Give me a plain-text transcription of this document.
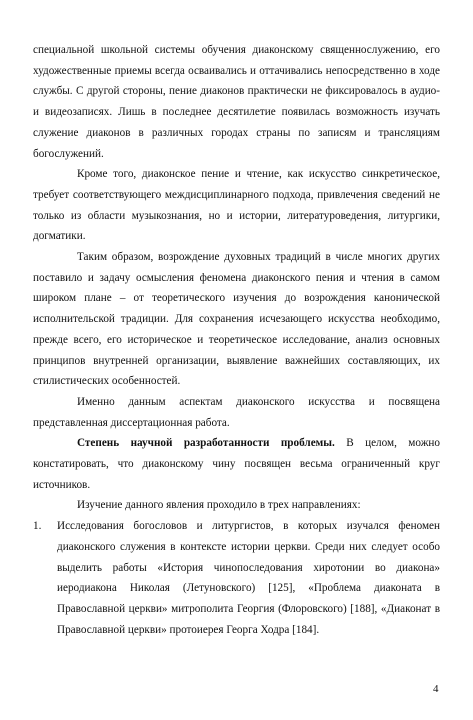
специальной школьной системы обучения диаконскому священнослужению, его художественные приемы всегда осваивались и оттачивались непосредственно в ходе службы. С другой стороны, пение диаконов практически не фиксировалось в аудио- и видеозаписях. Лишь в последнее десятилетие появилась возможность изучать служение диаконов в различных городах страны по записям и трансляциям богослужений.

Кроме того, диаконское пение и чтение, как искусство синкретическое, требует соответствующего междисциплинарного подхода, привлечения сведений не только из области музыкознания, но и истории, литературоведения, литургики, догматики.

Таким образом, возрождение духовных традиций в числе многих других поставило и задачу осмысления феномена диаконского пения и чтения в самом широком плане – от теоретического изучения до возрождения канонической исполнительской традиции. Для сохранения исчезающего искусства необходимо, прежде всего, его историческое и теоретическое исследование, анализ основных принципов внутренней организации, выявление важнейших составляющих, их стилистических особенностей.

Именно данным аспектам диаконского искусства и посвящена представленная диссертационная работа.

Степень научной разработанности проблемы. В целом, можно констатировать, что диаконскому чину посвящен весьма ограниченный круг источников.

Изучение данного явления проходило в трех направлениях:

1. Исследования богословов и литургистов, в которых изучался феномен диаконского служения в контексте истории церкви. Среди них следует особо выделить работы «История чинопоследования хиротонии во диакона» иеродиакона Николая (Летуновского) [125], «Проблема диаконата в Православной церкви» митрополита Георгия (Флоровского) [188], «Диаконат в Православной церкви» протоиерея Георга Ходра [184].
4
